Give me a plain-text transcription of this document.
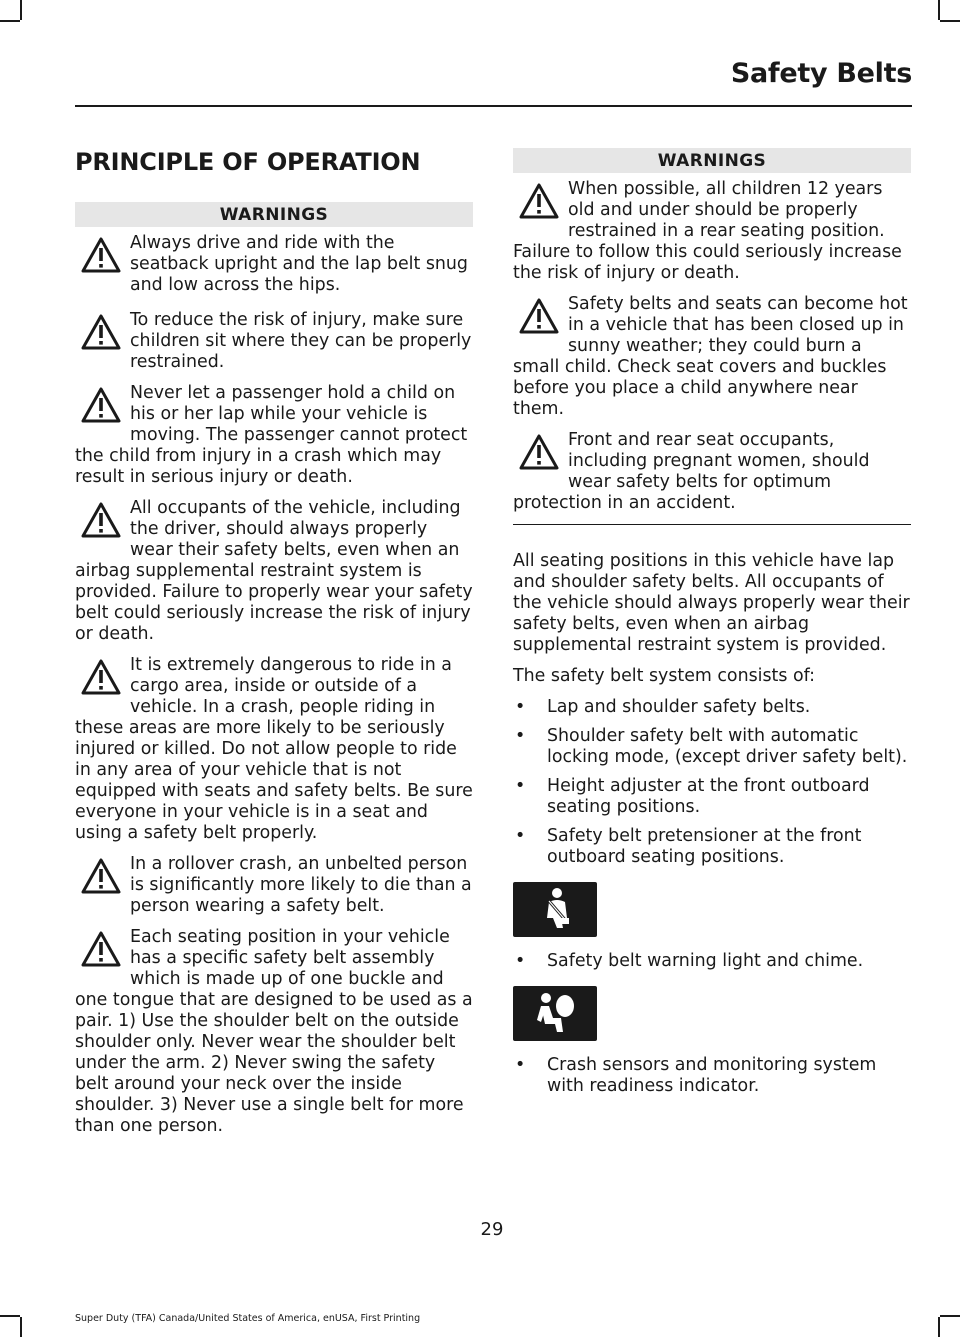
Safety Belts
PRINCIPLE OF OPERATION
WARNINGS

Always drive and ride with the seatback upright and the lap belt snug and low across the hips.

To reduce the risk of injury, make sure children sit where they can be properly restrained.

Never let a passenger hold a child on his or her lap while your vehicle is moving. The passenger cannot protect the child from injury in a crash which may result in serious injury or death.

All occupants of the vehicle, including the driver, should always properly wear their safety belts, even when an airbag supplemental restraint system is provided. Failure to properly wear your safety belt could seriously increase the risk of injury or death.

It is extremely dangerous to ride in a cargo area, inside or outside of a vehicle. In a crash, people riding in these areas are more likely to be seriously injured or killed. Do not allow people to ride in any area of your vehicle that is not equipped with seats and safety belts. Be sure everyone in your vehicle is in a seat and using a safety belt properly.

In a rollover crash, an unbelted person is significantly more likely to die than a person wearing a safety belt.

Each seating position in your vehicle has a specific safety belt assembly which is made up of one buckle and one tongue that are designed to be used as a pair. 1) Use the shoulder belt on the outside shoulder only. Never wear the shoulder belt under the arm. 2) Never swing the safety belt around your neck over the inside shoulder. 3) Never use a single belt for more than one person.

WARNINGS

When possible, all children 12 years old and under should be properly restrained in a rear seating position. Failure to follow this could seriously increase the risk of injury or death.

Safety belts and seats can become hot in a vehicle that has been closed up in sunny weather; they could burn a small child. Check seat covers and buckles before you place a child anywhere near them.

Front and rear seat occupants, including pregnant women, should wear safety belts for optimum protection in an accident.

All seating positions in this vehicle have lap and shoulder safety belts. All occupants of the vehicle should always properly wear their safety belts, even when an airbag supplemental restraint system is provided.

The safety belt system consists of:

• Lap and shoulder safety belts.
• Shoulder safety belt with automatic locking mode, (except driver safety belt).
• Height adjuster at the front outboard seating positions.
• Safety belt pretensioner at the front outboard seating positions.
• Safety belt warning light and chime.
• Crash sensors and monitoring system with readiness indicator.
29
Super Duty (TFA) Canada/United States of America, enUSA, First Printing
